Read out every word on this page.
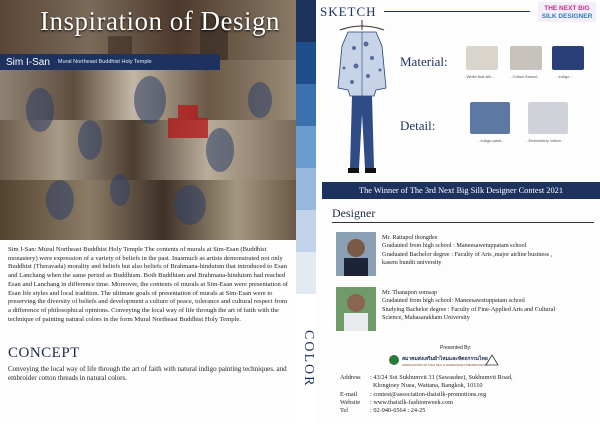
Inspiration of Design
Sim I-San Mural Northeast Buddhist Holy Temple
Sim I-San: Mural Northeast Buddhist Holy Temple The contents of murals at Sim-Esan (Buddhist monastery) were expression of a variety of beliefs in the past. Inasmuch as artists demonstrated not only Buddhist (Theravada) morality and beliefs but also beliefs of Brahmana-hinduism that introduced to Esan and Lanchang when the same period as Buddhism. Both Buddhism and Brahmana-hinduism had reached Esan and Lanchang in difference time. Moreover, the contents of murals at Sim-Esan were presentation of Esan life styles and local tradition. The ultimate goals of presentation of murals at Sim-Esan were to preserving the diversity of beliefs and development a culture of peace, tolerance and cultural respect from a difference of philosophical opinions. Conveying the local way of life through the art of faith with the technique of painting natural colors in the form Mural Northeast Buddhist Holy Temple.
CONCEPT
Conveying the local way of life through the art of faith with natural indigo painting techniques. and embroider cotton threads in natural colors.	COLOR
SKETCH	THE NEXT BIG
SILK DESIGNER
Material:
- White thai silk -	- Cotton thread -	- Indigo -
Detail:
- Indigo paint -	- Embroidery cotton -
The Winner of The 3rd Next Big Silk Designer Contest 2021
Designer
Mr. Rattapol thongdee
Gradauted from high school : Maneesawetuppatam school
Graduated Bachelor degree : Faculty of Arts ,major airline business ,
kasem bundit university
Mr. Thanapon somsap
Gradauted from high school: Maneesawetuppatam school
Studying Bachelor degree : Faculty of Fine-Applied Arts and Cultural
Science, Mahasarakham University
Presented By:
สมาคมส่งเสริมผ้าไหมและหัตถกรรมไทย
ASSOCIATION OF THAI SILK & HANDICRAFT PROMOTIONS
Address : 43/24 Soi Sukhumvit 31 (Sawasdee), Sukhumvit Road,
Klongtoey Nuea, Wattana, Bangkok, 10110
E-mail : contest@association-thaisilk-promotions.org
Website : www.thaisilk-fashionweek.com
Tel	: 02-940-6564 : 24-25
